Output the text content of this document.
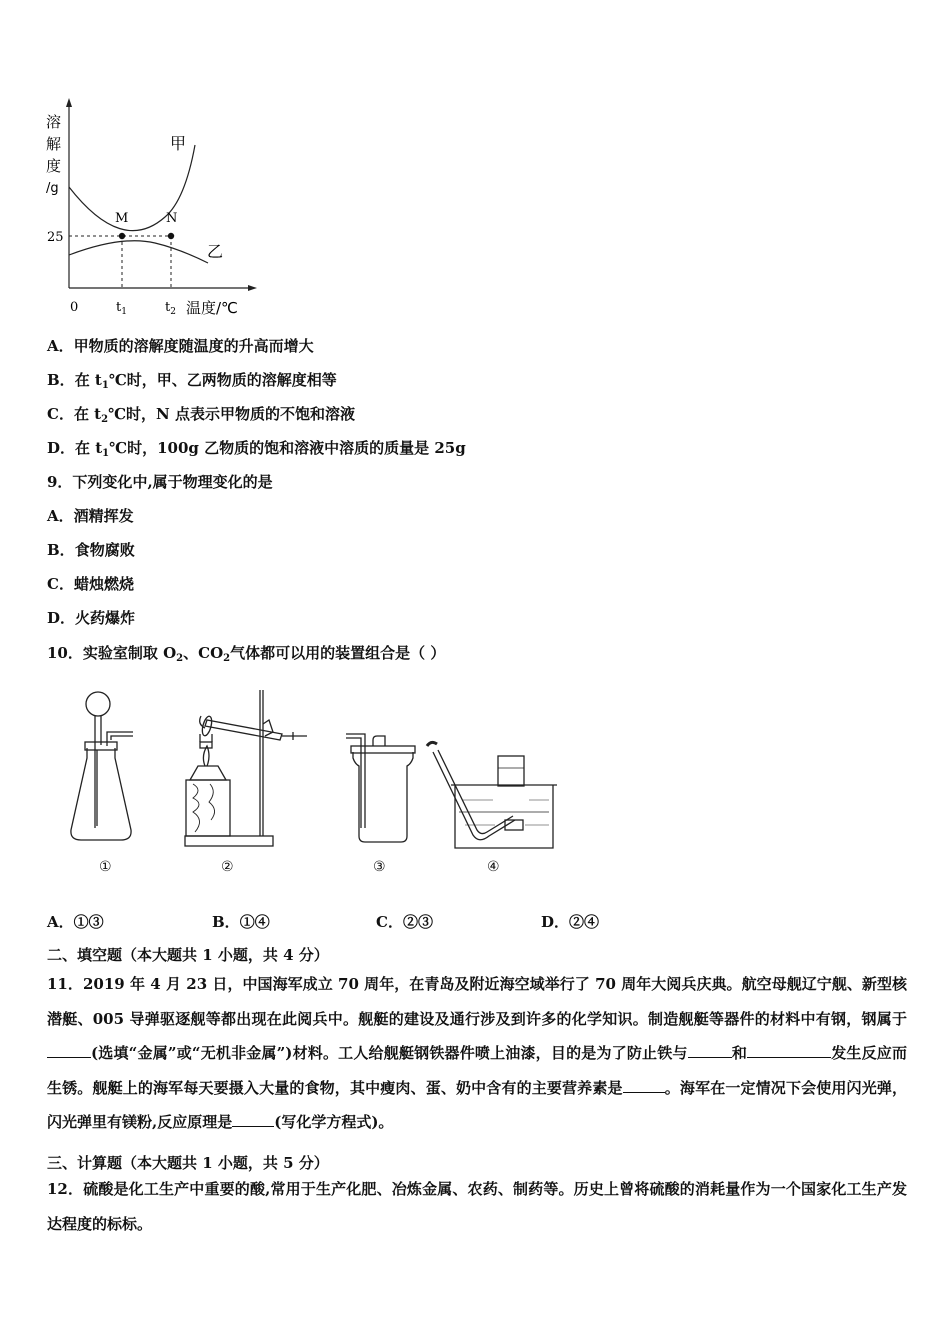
溶
解
度
/g
25
0	$t_1$	$t_2$ 温度/℃
甲
乙
M	N
A．甲物质的溶解度随温度的升高而增大
B．在 $t_1℃$时，甲、乙两物质的溶解度相等
C．在 $t_2℃$时，N 点表示甲物质的不饱和溶液
D．在 $t_1℃$时，100g 乙物质的饱和溶液中溶质的质量是 25g
9．下列变化中,属于物理变化的是
A．酒精挥发
B．食物腐败
C．蜡烛燃烧
D．火药爆炸
10．实验室制取 $O_2$、$CO_2$气体都可以用的装置组合是（ ）
①	②	③	④
A．①③	B．①④	C．②③	D．②④
二、填空题（本大题共 1 小题，共 4 分）
11．2019 年 4 月 23 日，中国海军成立 70 周年，在青岛及附近海空域举行了 70 周年大阅兵庆典。航空母舰辽宁舰、新型核潜艇、005 导弹驱逐舰等都出现在此阅兵中。舰艇的建设及通行涉及到许多的化学知识。制造舰艇等器件的材料中有钢，钢属于(选填“金属”或“无机非金属”)材料。工人给舰艇钢铁器件喷上油漆，目的是为了防止铁与	和	发生反应而生锈。舰艇上的海军每天要摄入大量的食物，其中瘦肉、蛋、奶中含有的主要营养素是	。海军在一定情况下会使用闪光弹，闪光弹里有镁粉,反应原理是	(写化学方程式)。
三、计算题（本大题共 1 小题，共 5 分）
12．硫酸是化工生产中重要的酸,常用于生产化肥、冶炼金属、农药、制药等。历史上曾将硫酸的消耗量作为一个国家化工生产发达程度的标标。
